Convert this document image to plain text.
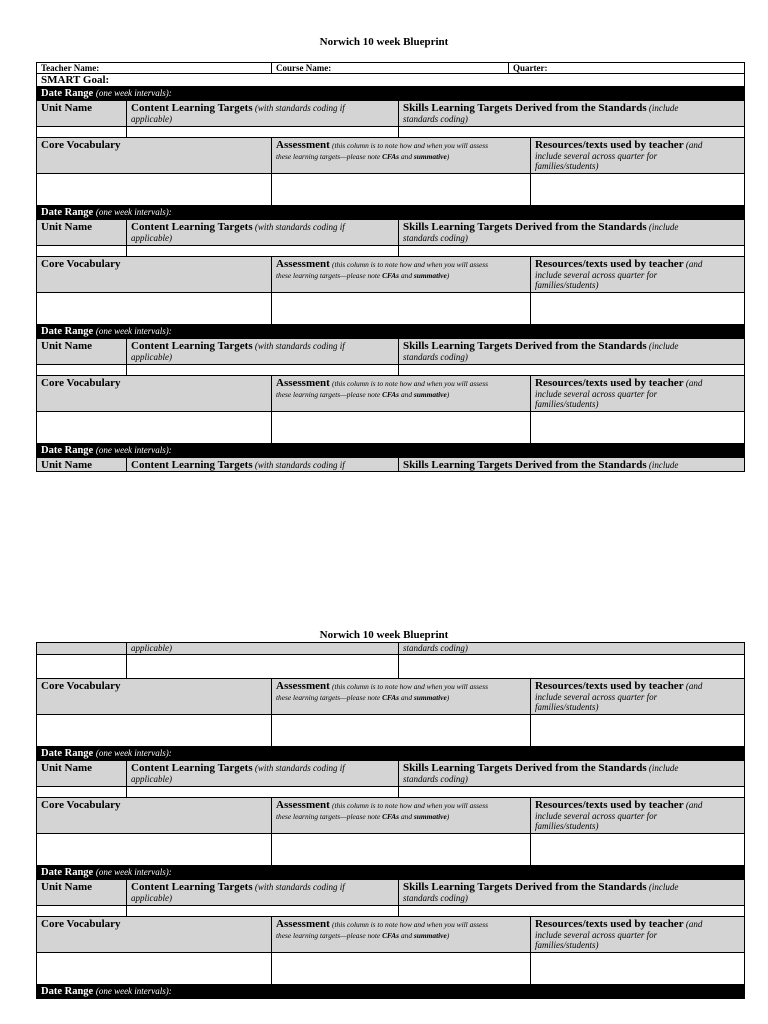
Norwich 10 week Blueprint
Teacher Name:		Course Name:		Quarter:	
SMART Goal:					
Date Range (one week intervals):					
Unit Name	Content Learning Targets (with standards coding if
applicable)		Skills Learning Targets Derived from the Standards (include
standards coding)		

Core Vocabulary		Assessment (this column is to note how and when you will assess
these learning targets—please note CFAs and summative)			Resources/texts used by teacher (and
include several across quarter for
families/students)

Date Range (one week intervals):					
Unit Name	Content Learning Targets (with standards coding if
applicable)		Skills Learning Targets Derived from the Standards (include
standards coding)		

Core Vocabulary		Assessment (this column is to note how and when you will assess
these learning targets—please note CFAs and summative)			Resources/texts used by teacher (and
include several across quarter for
families/students)

Date Range (one week intervals):					
Unit Name	Content Learning Targets (with standards coding if
applicable)		Skills Learning Targets Derived from the Standards (include
standards coding)		

Core Vocabulary		Assessment (this column is to note how and when you will assess
these learning targets—please note CFAs and summative)			Resources/texts used by teacher (and
include several across quarter for
families/students)

Date Range (one week intervals):					
Unit Name	Content Learning Targets (with standards coding if		Skills Learning Targets Derived from the Standards (include		
Norwich 10 week Blueprint
	applicable)		standards coding)	

Core Vocabulary		Assessment (this column is to note how and when you will assess
these learning targets—please note CFAs and summative)		Resources/texts used by teacher (and
include several across quarter for
families/students)

Date Range (one week intervals):				
Unit Name	Content Learning Targets (with standards coding if
applicable)		Skills Learning Targets Derived from the Standards (include
standards coding)	

Core Vocabulary		Assessment (this column is to note how and when you will assess
these learning targets—please note CFAs and summative)		Resources/texts used by teacher (and
include several across quarter for
families/students)

Date Range (one week intervals):				
Unit Name	Content Learning Targets (with standards coding if
applicable)		Skills Learning Targets Derived from the Standards (include
standards coding)	

Core Vocabulary		Assessment (this column is to note how and when you will assess
these learning targets—please note CFAs and summative)		Resources/texts used by teacher (and
include several across quarter for
families/students)

Date Range (one week intervals):				
